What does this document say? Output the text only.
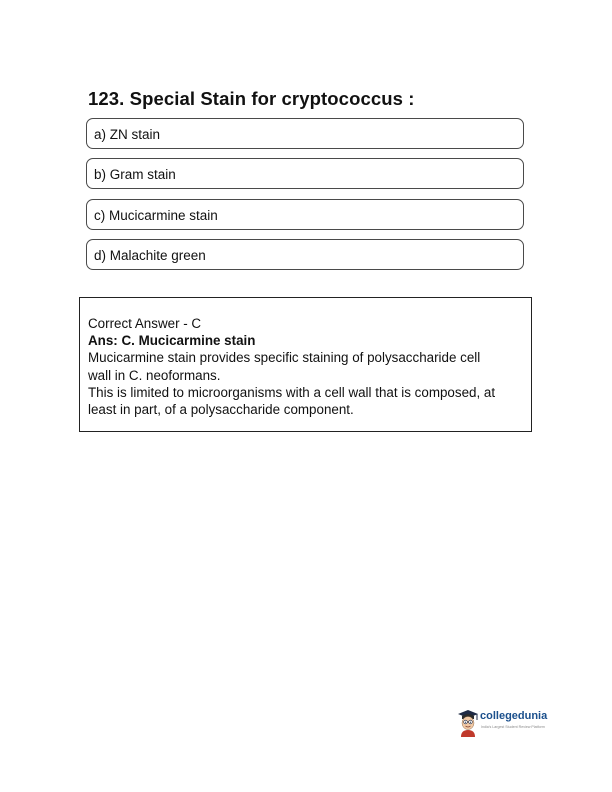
123. Special Stain for cryptococcus :
a) ZN stain
b) Gram stain
c) Mucicarmine stain
d) Malachite green
Correct Answer - C
Ans: C. Mucicarmine stain
Mucicarmine stain provides specific staining of polysaccharide cell
wall in C. neoformans.
This is limited to microorganisms with a cell wall that is composed, at
least in part, of a polysaccharide component.
collegedunia
India's Largest Student Review Platform
